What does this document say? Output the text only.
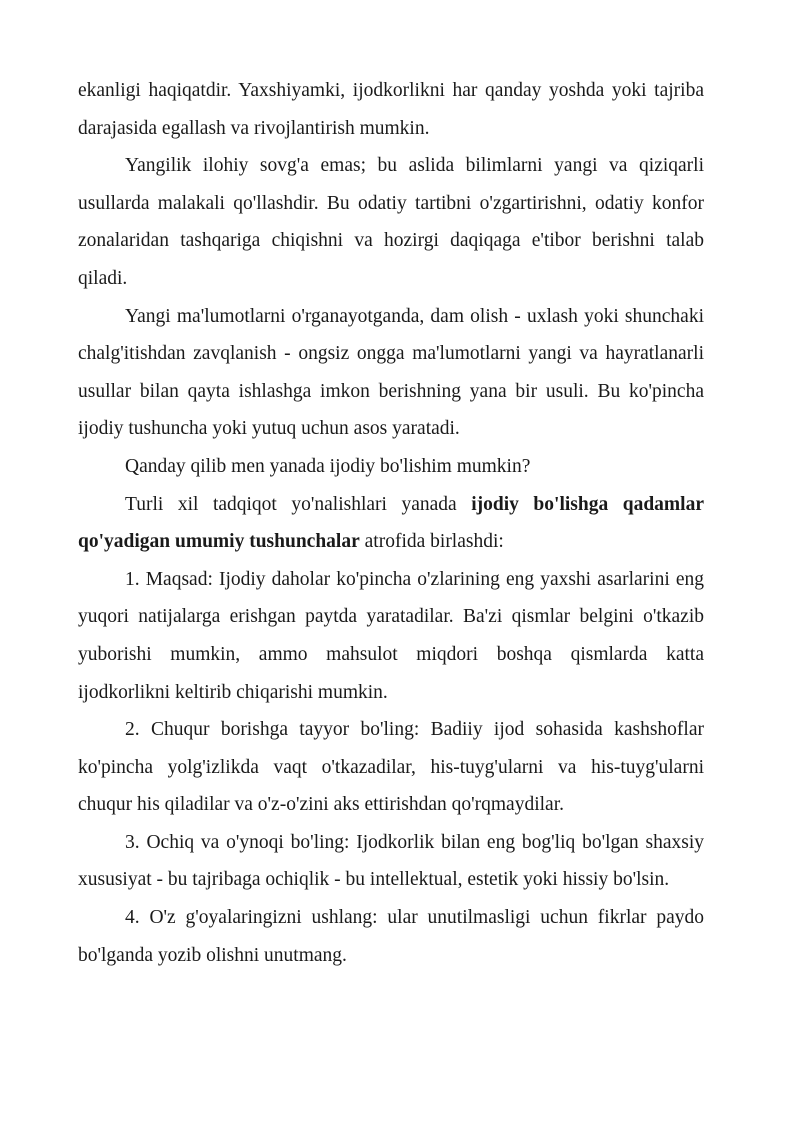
ekanligi haqiqatdir. Yaxshiyamki, ijodkorlikni har qanday yoshda yoki tajriba darajasida egallash va rivojlantirish mumkin.

Yangilik ilohiy sovg'a emas; bu aslida bilimlarni yangi va qiziqarli usullarda malakali qo'llashdir. Bu odatiy tartibni o'zgartirishni, odatiy konfor zonalaridan tashqariga chiqishni va hozirgi daqiqaga e'tibor berishni talab qiladi.

Yangi ma'lumotlarni o'rganayotganda, dam olish - uxlash yoki shunchaki chalg'itishdan zavqlanish - ongsiz ongga ma'lumotlarni yangi va hayratlanarli usullar bilan qayta ishlashga imkon berishning yana bir usuli. Bu ko'pincha ijodiy tushuncha yoki yutuq uchun asos yaratadi.

Qanday qilib men yanada ijodiy bo'lishim mumkin?

Turli xil tadqiqot yo'nalishlari yanada ijodiy bo'lishga qadamlar qo'yadigan umumiy tushunchalar atrofida birlashdi:

1. Maqsad: Ijodiy daholar ko'pincha o'zlarining eng yaxshi asarlarini eng yuqori natijalarga erishgan paytda yaratadilar. Ba'zi qismlar belgini o'tkazib yuborishi mumkin, ammo mahsulot miqdori boshqa qismlarda katta ijodkorlikni keltirib chiqarishi mumkin.

2. Chuqur borishga tayyor bo'ling: Badiiy ijod sohasida kashshoflar ko'pincha yolg'izlikda vaqt o'tkazadilar, his-tuyg'ularni va his-tuyg'ularni chuqur his qiladilar va o'z-o'zini aks ettirishdan qo'rqmaydilar.

3. Ochiq va o'ynoqi bo'ling: Ijodkorlik bilan eng bog'liq bo'lgan shaxsiy xususiyat - bu tajribaga ochiqlik - bu intellektual, estetik yoki hissiy bo'lsin.

4. O'z g'oyalaringizni ushlang: ular unutilmasligi uchun fikrlar paydo bo'lganda yozib olishni unutmang.
